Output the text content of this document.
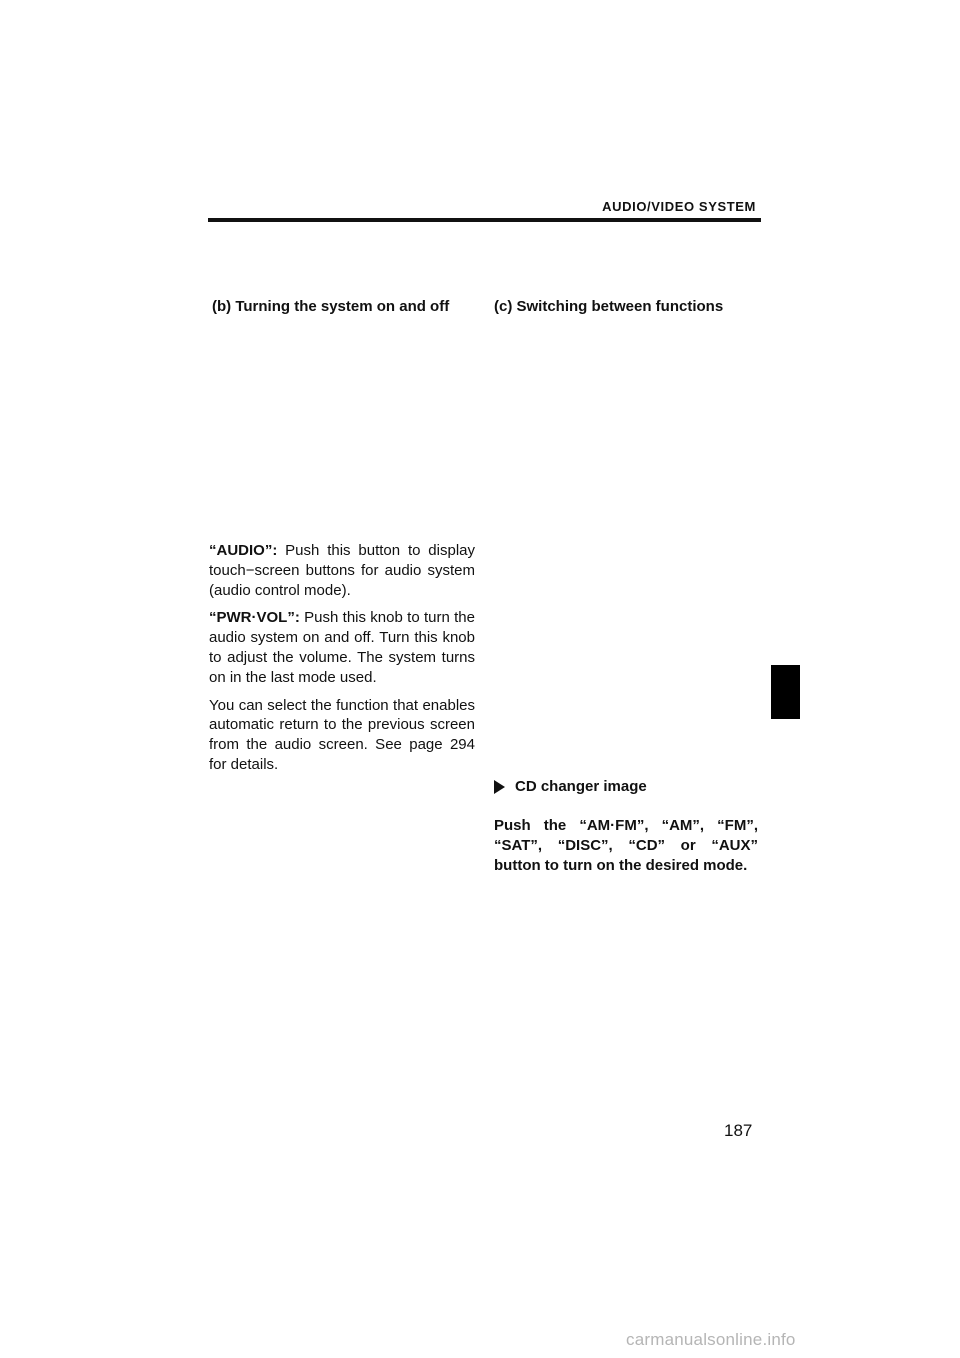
AUDIO/VIDEO SYSTEM
(b) Turning the system on and off	(c) Switching between functions

“AUDIO”: Push this button to display touch−screen buttons for audio system (audio control mode).

“PWR·VOL”: Push this knob to turn the audio system on and off. Turn this knob to adjust the volume. The system turns on in the last mode used.

You can select the function that enables automatic return to the previous screen from the audio screen. See page 294 for details.

CD changer image
Push the “AM·FM”, “AM”, “FM”, “SAT”, “DISC”, “CD” or “AUX” button to turn on the desired mode.
187
carmanualsonline.info
